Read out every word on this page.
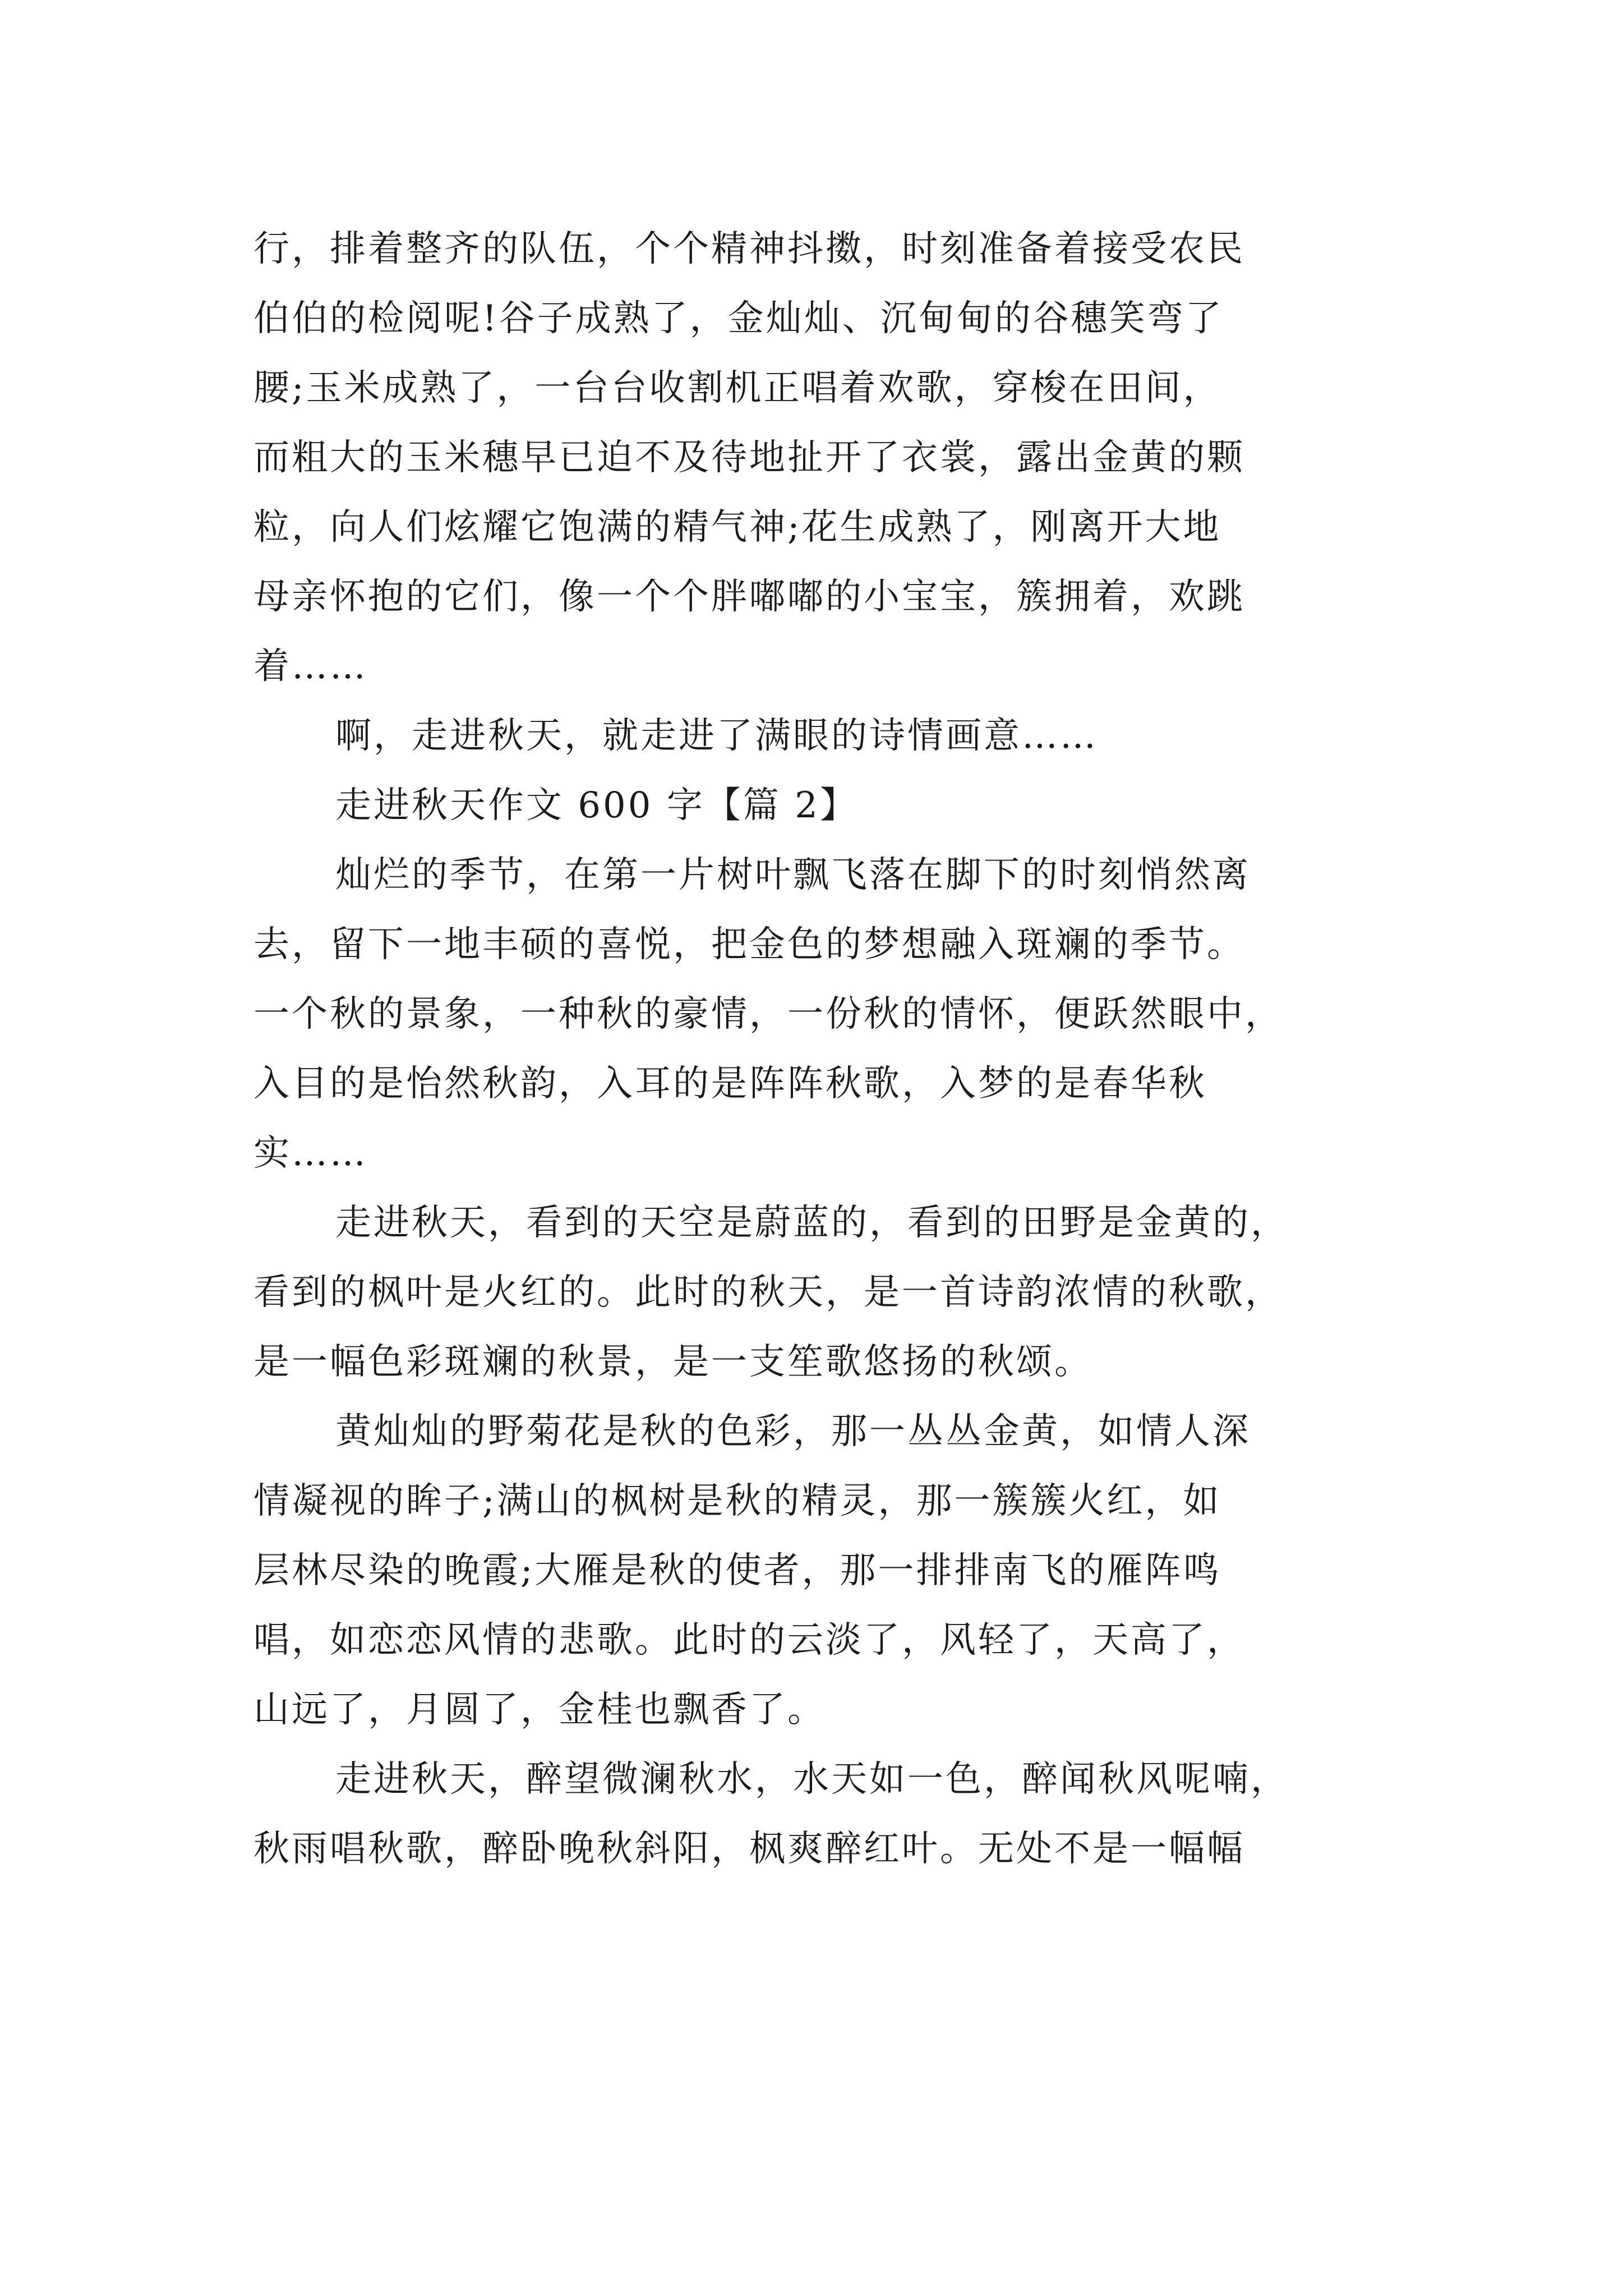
行，排着整齐的队伍，个个精神抖擞，时刻准备着接受农民
伯伯的检阅呢!谷子成熟了，金灿灿、沉甸甸的谷穗笑弯了
腰;玉米成熟了，一台台收割机正唱着欢歌，穿梭在田间，
而粗大的玉米穗早已迫不及待地扯开了衣裳，露出金黄的颗
粒，向人们炫耀它饱满的精气神;花生成熟了，刚离开大地
母亲怀抱的它们，像一个个胖嘟嘟的小宝宝，簇拥着，欢跳
着……
啊，走进秋天，就走进了满眼的诗情画意……
走进秋天作文 600 字【篇 2】
灿烂的季节，在第一片树叶飘飞落在脚下的时刻悄然离
去，留下一地丰硕的喜悦，把金色的梦想融入斑斓的季节。
一个秋的景象，一种秋的豪情，一份秋的情怀，便跃然眼中，
入目的是怡然秋韵，入耳的是阵阵秋歌，入梦的是春华秋
实……
走进秋天，看到的天空是蔚蓝的，看到的田野是金黄的，
看到的枫叶是火红的。此时的秋天，是一首诗韵浓情的秋歌，
是一幅色彩斑斓的秋景，是一支笙歌悠扬的秋颂。
黄灿灿的野菊花是秋的色彩，那一丛丛金黄，如情人深
情凝视的眸子;满山的枫树是秋的精灵，那一簇簇火红，如
层林尽染的晚霞;大雁是秋的使者，那一排排南飞的雁阵鸣
唱，如恋恋风情的悲歌。此时的云淡了，风轻了，天高了，
山远了，月圆了，金桂也飘香了。
走进秋天，醉望微澜秋水，水天如一色，醉闻秋风呢喃，
秋雨唱秋歌，醉卧晚秋斜阳，枫爽醉红叶。无处不是一幅幅
